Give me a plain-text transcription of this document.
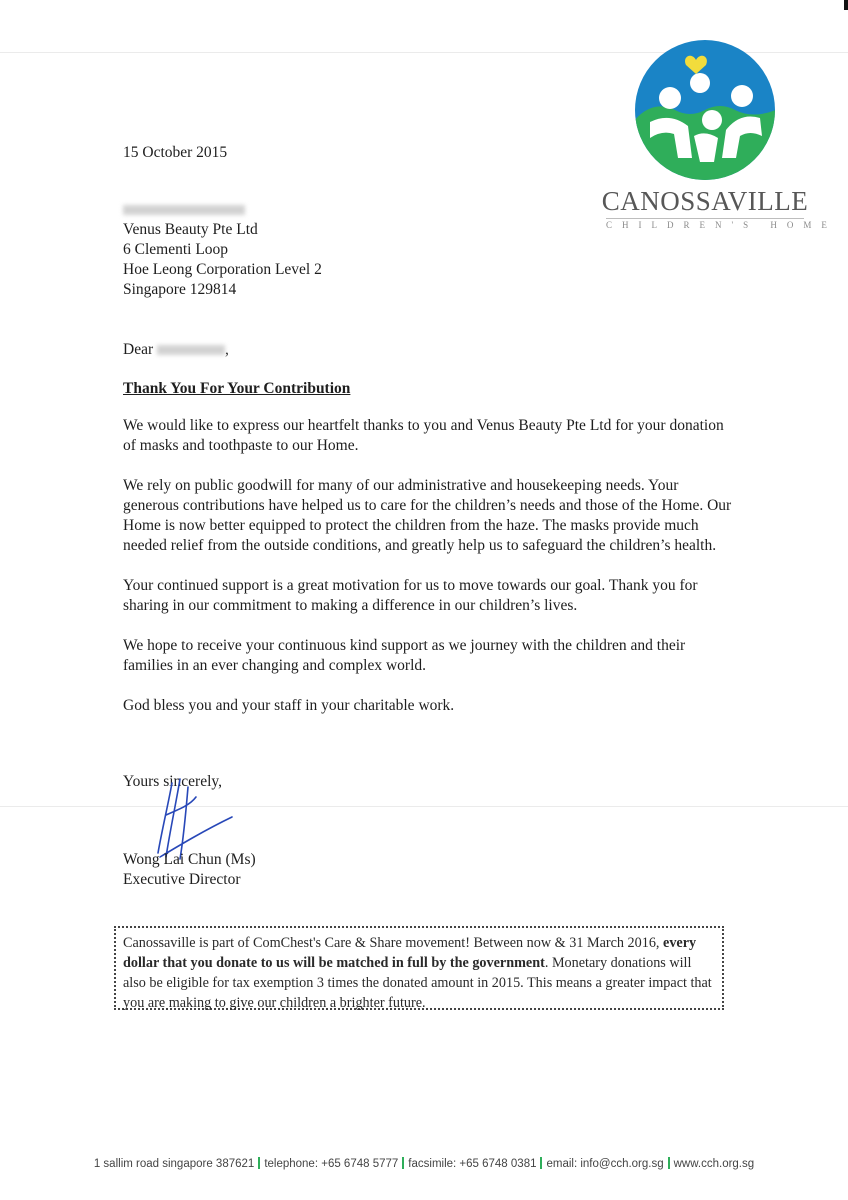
CANOSSAVILLE
CHILDREN'S HOME
15 October 2015
Venus Beauty Pte Ltd
6 Clementi Loop
Hoe Leong Corporation Level 2
Singapore 129814
Dear	,
Thank You For Your Contribution

We would like to express our heartfelt thanks to you and Venus Beauty Pte Ltd for your donation of masks and toothpaste to our Home.

We rely on public goodwill for many of our administrative and housekeeping needs. Your generous contributions have helped us to care for the children’s needs and those of the Home. Our Home is now better equipped to protect the children from the haze. The masks provide much needed relief from the outside conditions, and greatly help us to safeguard the children’s health.

Your continued support is a great motivation for us to move towards our goal. Thank you for sharing in our commitment to making a difference in our children’s lives.

We hope to receive your continuous kind support as we journey with the children and their families in an ever changing and complex world.

God bless you and your staff in your charitable work.

Yours sincerely,
Wong Lai Chun (Ms)
Executive Director
Canossaville is part of ComChest's Care & Share movement! Between now & 31 March 2016, every dollar that you donate to us will be matched in full by the government. Monetary donations will also be eligible for tax exemption 3 times the donated amount in 2015. This means a greater impact that you are making to give our children a brighter future.
1 sallim road singapore 387621 telephone: +65 6748 5777 facsimile: +65 6748 0381 email: info@cch.org.sg www.cch.org.sg
